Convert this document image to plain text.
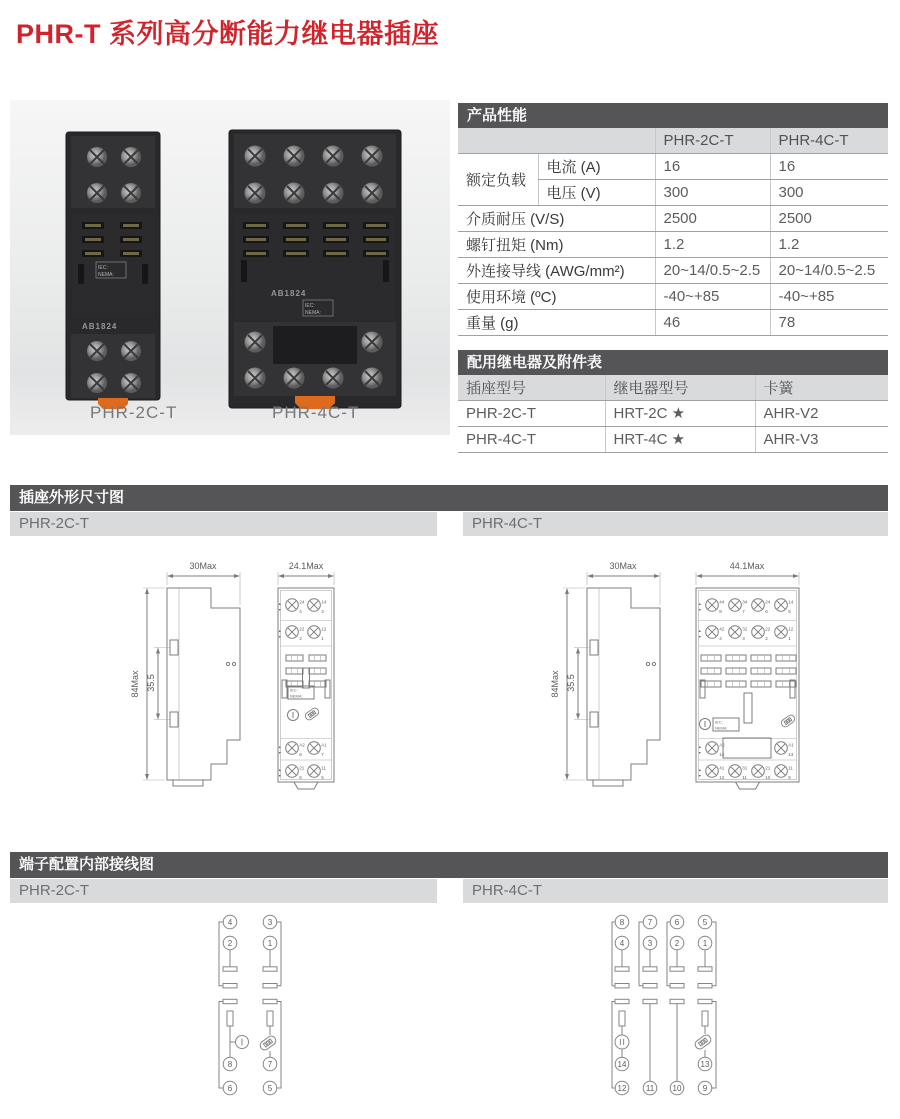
PHR-T 系列高分断能力继电器插座
IEC:
NEMA:
AB1824
AB1824
IEC:
NEMA:
PHR-2C-T	PHR-4C-T
产品性能
		PHR-2C-T	PHR-4C-T
额定负载	电流 (A)	16	16
	电压 (V)	300	300
介质耐压 (V/S)		2500	2500
螺钉扭矩 (Nm)		1.2	1.2
外连接导线 (AWG/mm²)		20~14/0.5~2.5	20~14/0.5~2.5
使用环境 (ºC)		-40~+85	-40~+85
重量 (g)		46	78
配用继电器及附件表
插座型号	继电器型号	卡簧
PHR-2C-T	HRT-2C ★	AHR-V2
PHR-4C-T	HRT-4C ★	AHR-V3
插座外形尺寸图
PHR-2C-T	PHR-4C-T
▲
▼
24
4
14
3
▲
▼
22
2
12
1
▲
▼
A2
8
A1
7
▲
▼
21
6
11
5
IEC:
NEMA:
30Max	24.1Max
84Max 35.5
▲
▼
44
8
34
7
24
6
14
5
▲
▼
42
4
32
3
22
2
12
1
▲
▼
A2
14
A1
13
▲
▼
41
12
31
11
21
10
11
9
IEC:
NEMA:
30Max	44.1Max
84Max 35.5
端子配置内部接线图
PHR-2C-T	PHR-4C-T
4
2
8
6
3
1
7
5
8
4
12
14
7
3
11
6
2
10
5
1
9
13
